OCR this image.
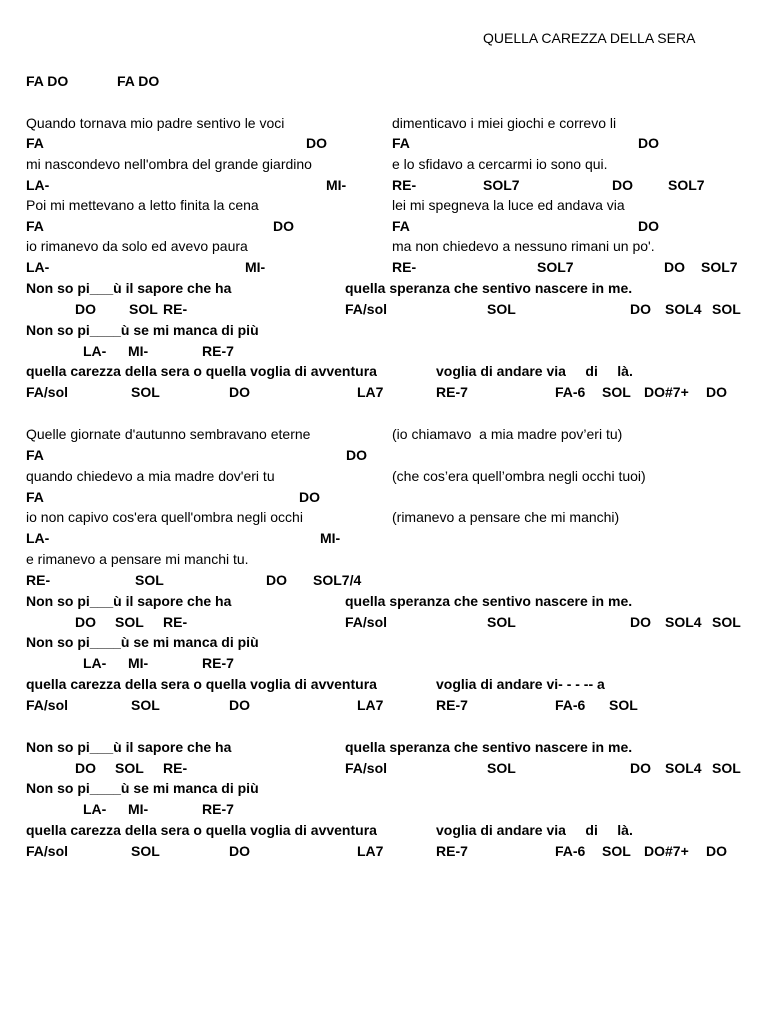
QUELLA CAREZZA DELLA SERA
FA DO	FA DO
Quando tornava mio padre sentivo le voci	dimenticavo i miei giochi e correvo li
FA	DO	FA	DO
mi nascondevo nell'ombra del grande giardino	e lo sfidavo a cercarmi io sono qui.
LA-	MI-	RE-	SOL7	DO	SOL7
Poi mi mettevano a letto finita la cena	lei mi spegneva la luce ed andava via
FA	DO	FA	DO
io rimanevo da solo ed avevo paura	ma non chiedevo a nessuno rimani un po'.
LA-	MI-	RE-	SOL7	DO SOL7
Non so pi___ù il sapore che ha	quella speranza che sentivo nascere in me.
DO SOL RE-	FA/sol	SOL	DO SOL4 SOL
Non so pi____ù se mi manca di più
LA- MI-	RE-7
quella carezza della sera o quella voglia di avventura	voglia di andare via     di     là.
FA/sol	SOL	DO	LA7	RE-7	FA-6 SOL DO#7+ DO
Quelle giornate d'autunno sembravano eterne	(io chiamavo  a mia madre pov’eri tu)
FA	DO
quando chiedevo a mia madre dov'eri tu	(che cos’era quell’ombra negli occhi tuoi)
FA	DO
io non capivo cos'era quell'ombra negli occhi	(rimanevo a pensare che mi manchi)
LA-	MI-
e rimanevo a pensare mi manchi tu.
RE-	SOL	DO SOL7/4
Non so pi___ù il sapore che ha	quella speranza che sentivo nascere in me.
DO SOL RE-	FA/sol	SOL	DO SOL4 SOL
Non so pi____ù se mi manca di più
LA- MI-	RE-7
quella carezza della sera o quella voglia di avventura	voglia di andare vi- - - -- a
FA/sol	SOL	DO	LA7	RE-7	FA-6 SOL
Non so pi___ù il sapore che ha	quella speranza che sentivo nascere in me.
DO SOL RE-	FA/sol	SOL	DO SOL4 SOL
Non so pi____ù se mi manca di più
LA- MI-	RE-7
quella carezza della sera o quella voglia di avventura	voglia di andare via     di     là.
FA/sol	SOL	DO	LA7	RE-7	FA-6 SOL DO#7+ DO
